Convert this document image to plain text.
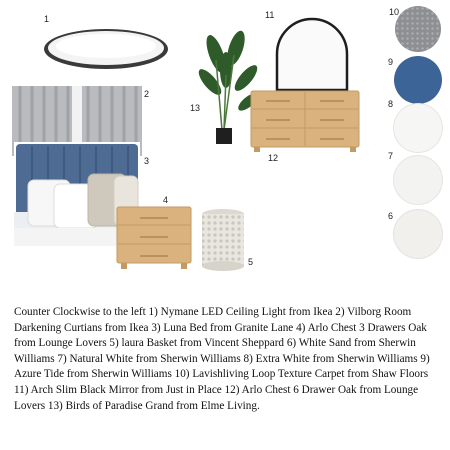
1
2
3
4
5
13
11
12
10
9
8
7
6

Counter Clockwise to the left 1) Nymane LED Ceiling Light from Ikea 2) Vilborg Room Darkening Curtians from Ikea 3) Luna Bed from Granite Lane 4) Arlo Chest 3 Drawers Oak from Lounge Lovers 5) laura Basket from Vincent Sheppard 6) White Sand from Sherwin Williams 7) Natural White from Sherwin Williams 8) Extra White from Sherwin Williams 9) Azure Tide from Sherwin Williams 10) Lavishliving Loop Texture Carpet from Shaw Floors 11) Arch Slim Black Mirror from Just in Place 12) Arlo Chest 6 Drawer Oak from Lounge Lovers 13) Birds of Paradise Grand from Elme Living.
